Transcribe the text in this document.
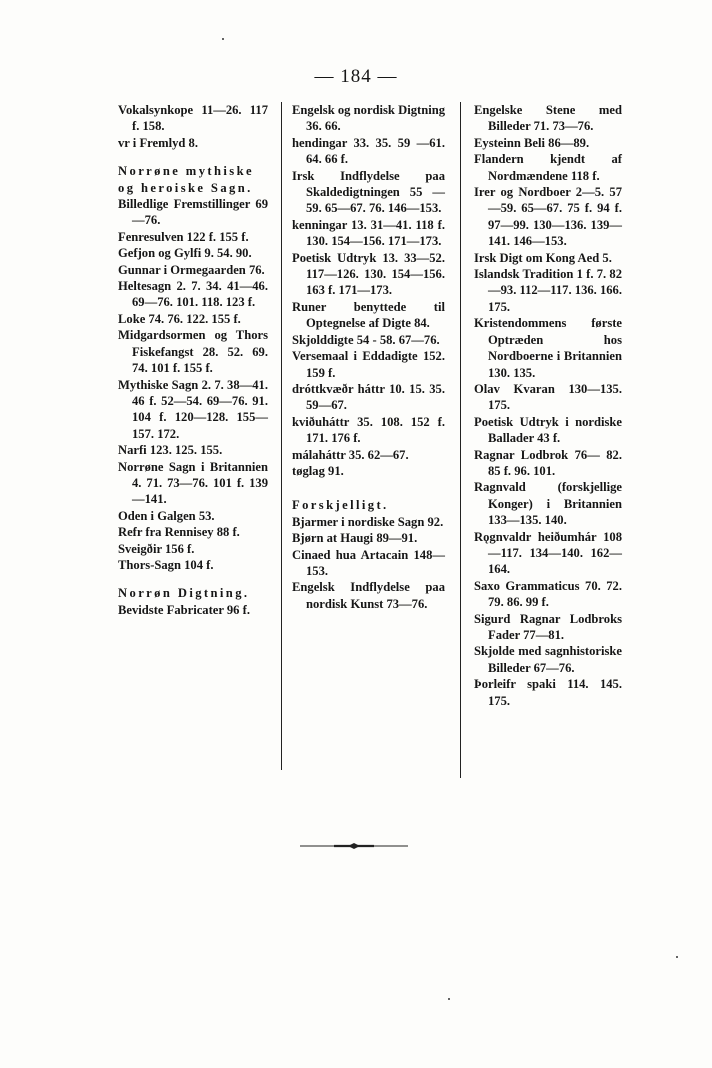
— 184 —
Vokalsynkope 11—26. 117 f. 158.
vr i Fremlyd 8.
Norrøne mythiske og heroiske Sagn.
Billedlige Fremstillinger 69—76.
Fenresulven 122 f. 155 f.
Gefjon og Gylfi 9. 54. 90.
Gunnar i Ormegaarden 76.
Heltesagn 2. 7. 34. 41—46. 69—76. 101. 118. 123 f.
Loke 74. 76. 122. 155 f.
Midgardsormen og Thors Fiskefangst 28. 52. 69. 74. 101 f. 155 f.
Mythiske Sagn 2. 7. 38—41. 46 f. 52—54. 69—76. 91. 104 f. 120—128. 155—157. 172.
Narfi 123. 125. 155.
Norrøne Sagn i Britannien 4. 71. 73—76. 101 f. 139—141.
Oden i Galgen 53.
Refr fra Rennisey 88 f.
Sveigðir 156 f.
Thors-Sagn 104 f.
Norrøn Digtning.
Bevidste Fabricater 96 f.
Engelsk og nordisk Digtning 36. 66.
hendingar 33. 35. 59 —61. 64. 66 f.
Irsk Indflydelse paa Skaldedigtningen 55 —59. 65—67. 76. 146—153.
kenningar 13. 31—41. 118 f. 130. 154—156. 171—173.
Poetisk Udtryk 13. 33—52. 117—126. 130. 154—156. 163 f. 171—173.
Runer benyttede til Optegnelse af Digte 84.
Skjolddigte 54 - 58. 67—76.
Versemaal i Eddadigte 152. 159 f.
dróttkvæðr háttr 10. 15. 35. 59—67.
kviðuháttr 35. 108. 152 f. 171. 176 f.
málaháttr 35. 62—67.
tøglag 91.
Forskjelligt.
Bjarmer i nordiske Sagn 92.
Bjørn at Haugi 89—91.
Cinaed hua Artacain 148—153.
Engelsk Indflydelse paa nordisk Kunst 73—76.
Engelske Stene med Billeder 71. 73—76.
Eysteinn Beli 86—89.
Flandern kjendt af Nordmændene 118 f.
Irer og Nordboer 2—5. 57—59. 65—67. 75 f. 94 f. 97—99. 130—136. 139—141. 146—153.
Irsk Digt om Kong Aed 5.
Islandsk Tradition 1 f. 7. 82—93. 112—117. 136. 166. 175.
Kristendommens første Optræden hos Nordboerne i Britannien 130. 135.
Olav Kvaran 130—135. 175.
Poetisk Udtryk i nordiske Ballader 43 f.
Ragnar Lodbrok 76— 82. 85 f. 96. 101.
Ragnvald (forskjellige Konger) i Britannien 133—135. 140.
Rǫgnvaldr heiðumhár 108—117. 134—140. 162—164.
Saxo Grammaticus 70. 72. 79. 86. 99 f.
Sigurd Ragnar Lodbroks Fader 77—81.
Skjolde med sagnhistoriske Billeder 67—76.
Þorleifr spaki 114. 145. 175.
